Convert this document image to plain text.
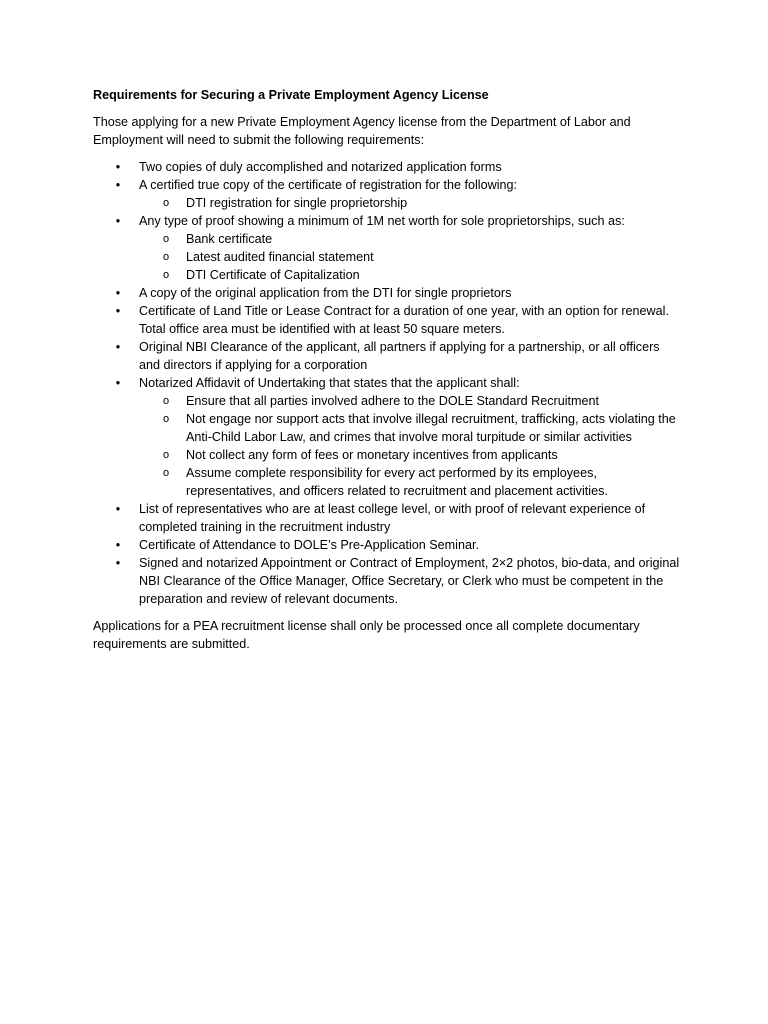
Requirements for Securing a Private Employment Agency License

Those applying for a new Private Employment Agency license from the Department of Labor and Employment will need to submit the following requirements:

• Two copies of duly accomplished and notarized application forms
• A certified true copy of the certificate of registration for the following:
o DTI registration for single proprietorship
• Any type of proof showing a minimum of 1M net worth for sole proprietorships, such as:
o Bank certificate
o Latest audited financial statement
o DTI Certificate of Capitalization
• A copy of the original application from the DTI for single proprietors
• Certificate of Land Title or Lease Contract for a duration of one year, with an option for renewal. Total office area must be identified with at least 50 square meters.
• Original NBI Clearance of the applicant, all partners if applying for a partnership, or all officers and directors if applying for a corporation
• Notarized Affidavit of Undertaking that states that the applicant shall:
o Ensure that all parties involved adhere to the DOLE Standard Recruitment
o Not engage nor support acts that involve illegal recruitment, trafficking, acts violating the Anti-Child Labor Law, and crimes that involve moral turpitude or similar activities
o Not collect any form of fees or monetary incentives from applicants
o Assume complete responsibility for every act performed by its employees, representatives, and officers related to recruitment and placement activities.
• List of representatives who are at least college level, or with proof of relevant experience of completed training in the recruitment industry
• Certificate of Attendance to DOLE’s Pre-Application Seminar.
• Signed and notarized Appointment or Contract of Employment, 2×2 photos, bio-data, and original NBI Clearance of the Office Manager, Office Secretary, or Clerk who must be competent in the preparation and review of relevant documents.

Applications for a PEA recruitment license shall only be processed once all complete documentary requirements are submitted.
